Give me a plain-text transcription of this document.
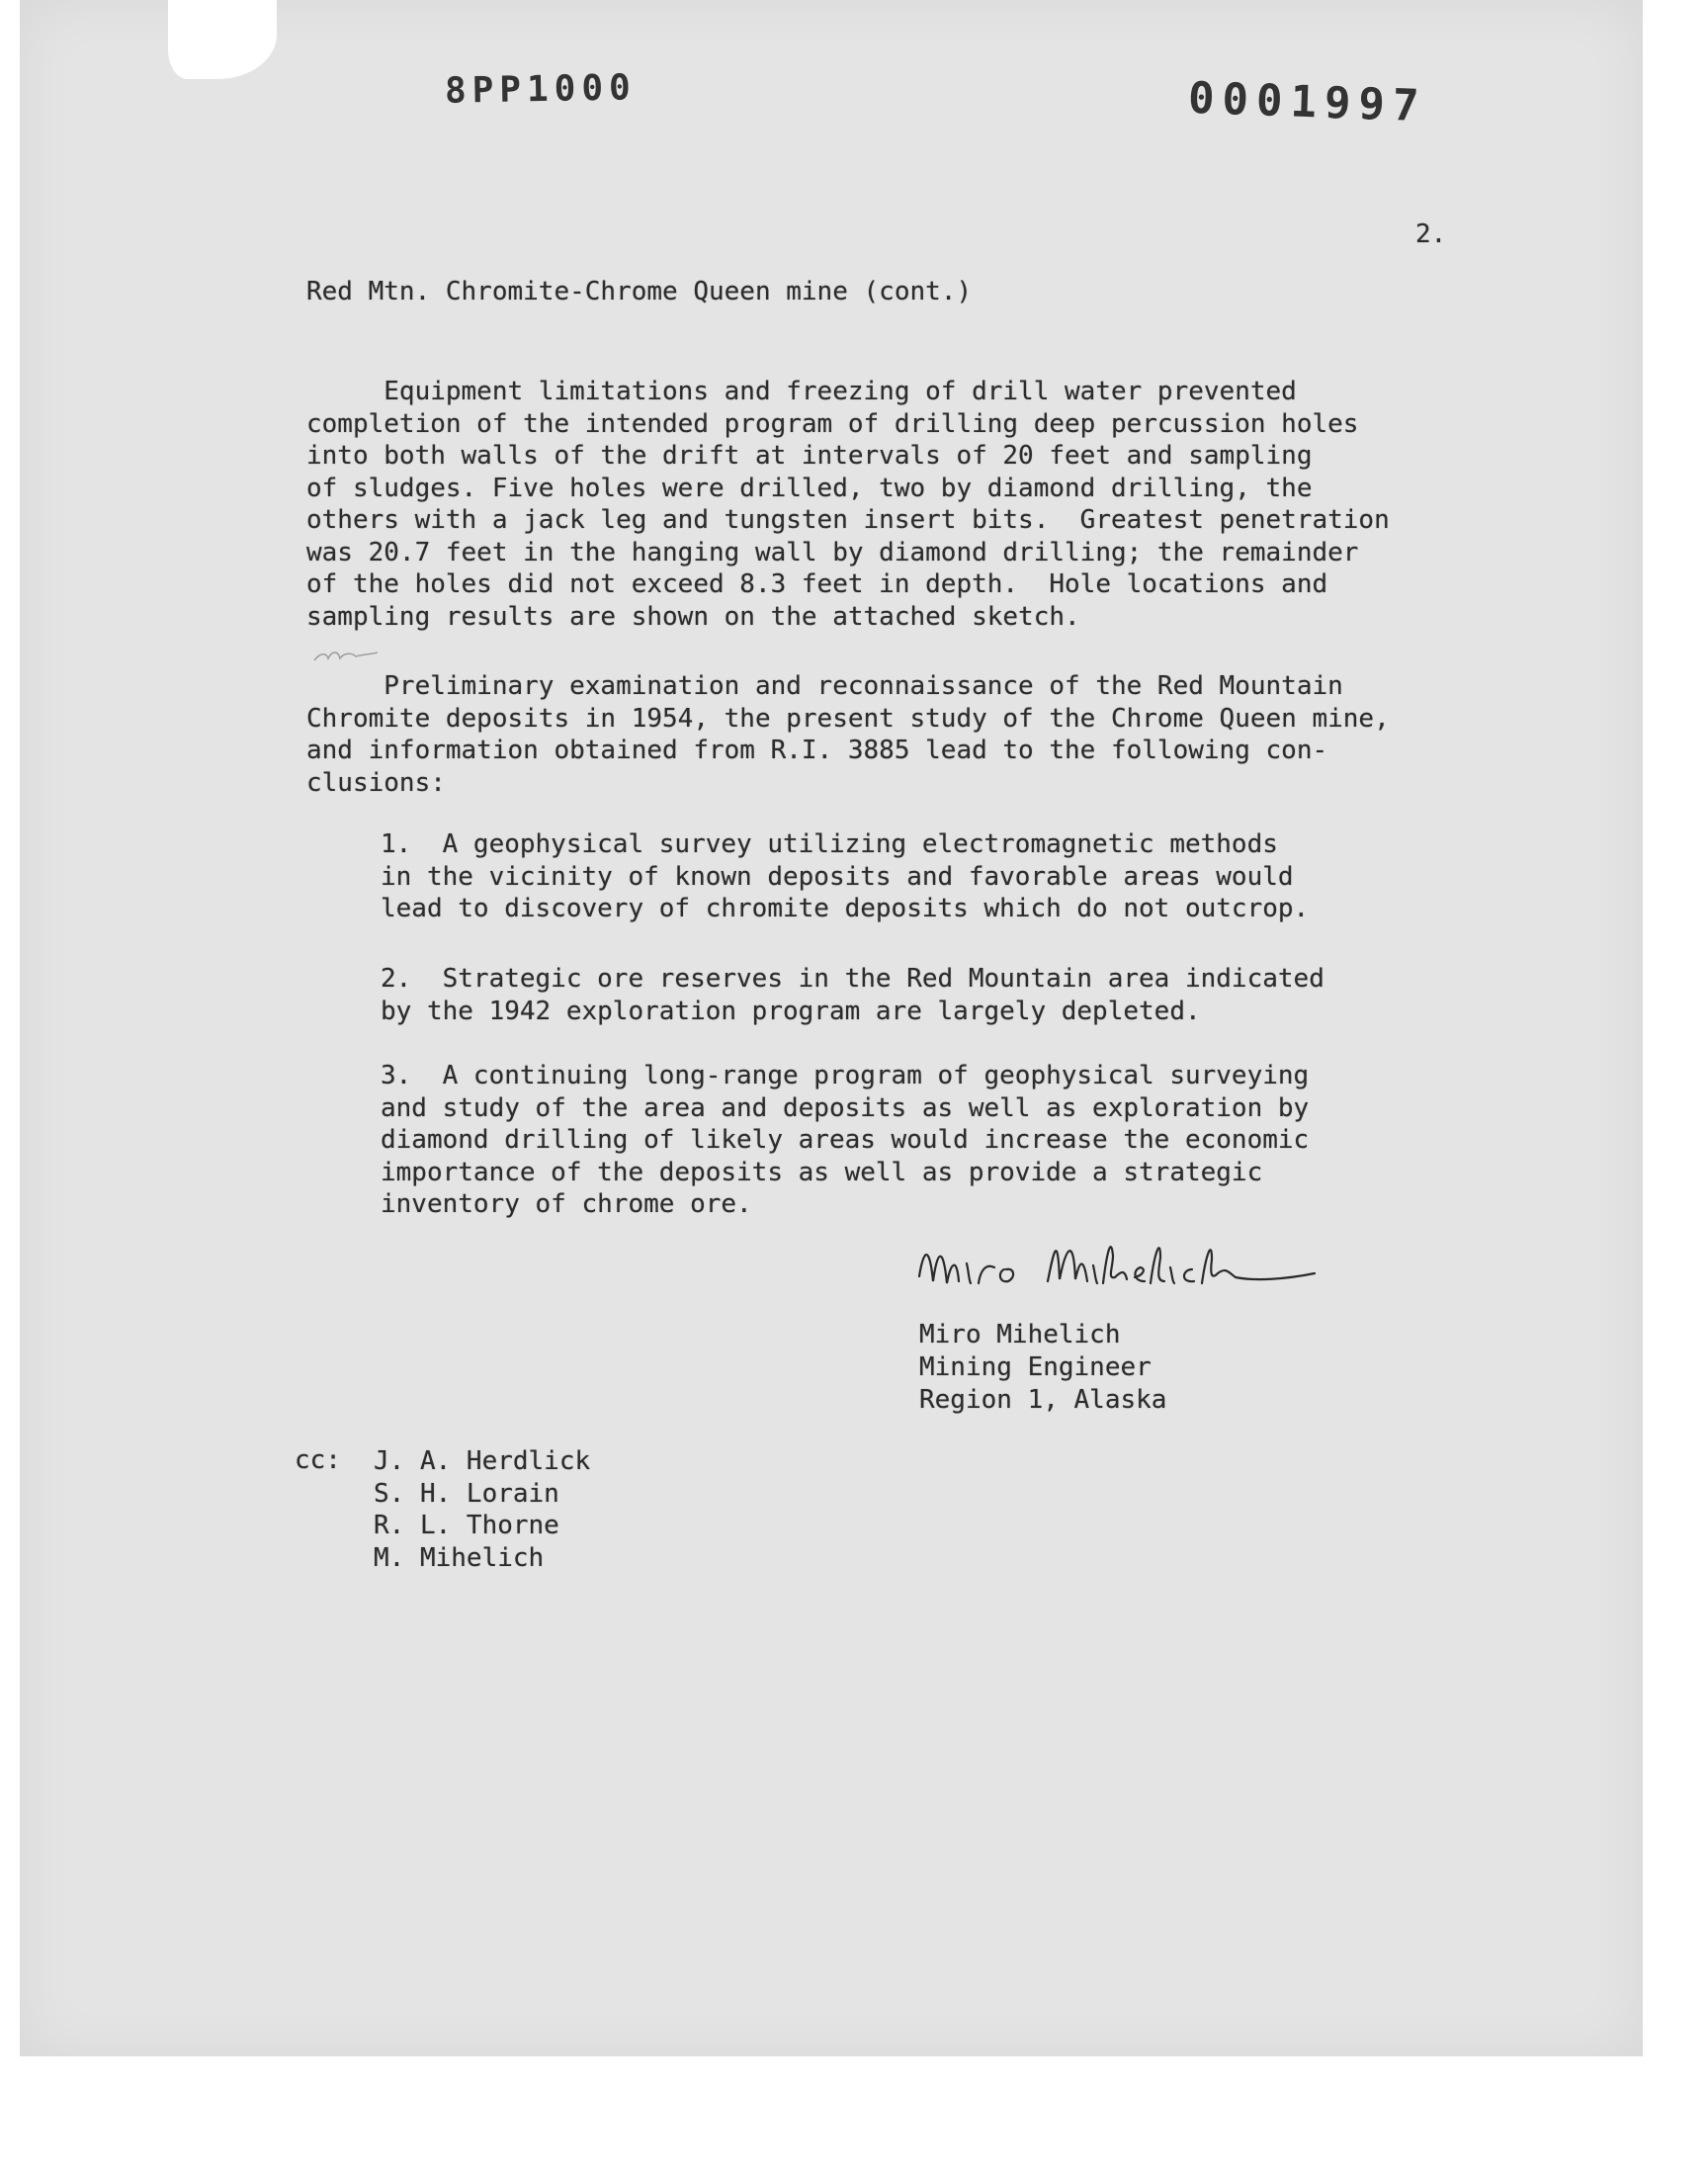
8PP1000	0001997
2.
Red Mtn. Chromite-Chrome Queen mine (cont.)
Equipment limitations and freezing of drill water prevented
completion of the intended program of drilling deep percussion holes
into both walls of the drift at intervals of 20 feet and sampling
of sludges. Five holes were drilled, two by diamond drilling, the
others with a jack leg and tungsten insert bits.  Greatest penetration
was 20.7 feet in the hanging wall by diamond drilling; the remainder
of the holes did not exceed 8.3 feet in depth.  Hole locations and
sampling results are shown on the attached sketch.
Preliminary examination and reconnaissance of the Red Mountain
Chromite deposits in 1954, the present study of the Chrome Queen mine,
and information obtained from R.I. 3885 lead to the following con-
clusions:
1.  A geophysical survey utilizing electromagnetic methods
in the vicinity of known deposits and favorable areas would
lead to discovery of chromite deposits which do not outcrop.
2.  Strategic ore reserves in the Red Mountain area indicated
by the 1942 exploration program are largely depleted.
3.  A continuing long-range program of geophysical surveying
and study of the area and deposits as well as exploration by
diamond drilling of likely areas would increase the economic
importance of the deposits as well as provide a strategic
inventory of chrome ore.
Miro Mihelich
Mining Engineer
Region 1, Alaska
cc: J. A. Herdlick
S. H. Lorain
R. L. Thorne
M. Mihelich
